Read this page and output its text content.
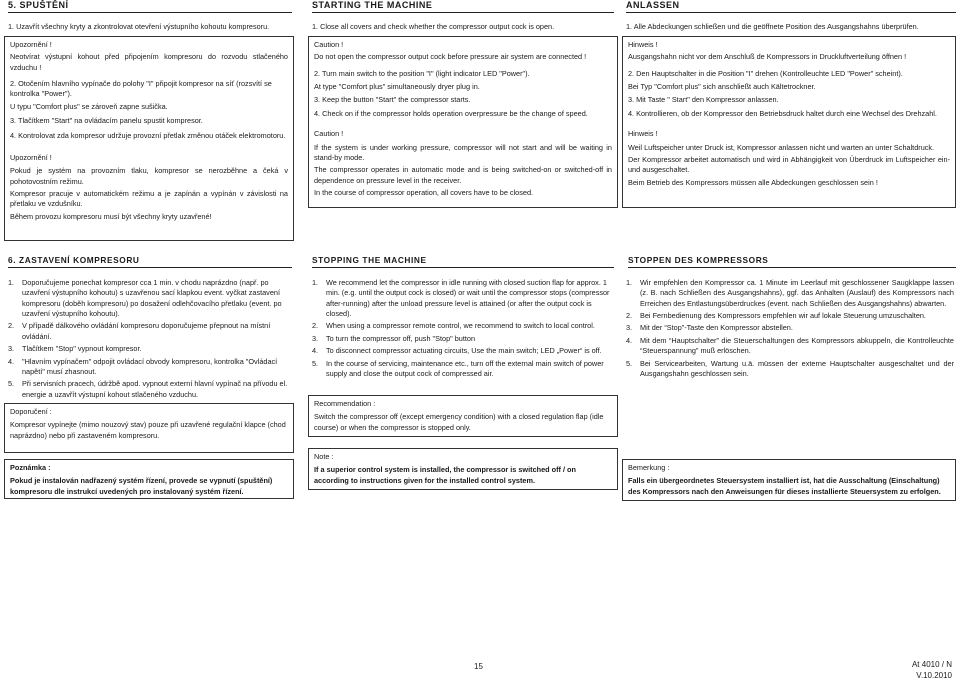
5. SPUŠTĚNÍ	STARTING THE MACHINE	ANLASSEN
1. Uzavřít všechny kryty a zkontrolovat otevření výstupního kohoutu kompresoru.

Upozornění !

Neotvírat výstupní kohout před připojením kompresoru do rozvodu stlačeného vzduchu !

2. Otočením hlavního vypínače do polohy "I" připojit kompresor na síť (rozsvítí se kontrolka "Power").

U typu "Comfort plus" se zároveň zapne sušička.

3. Tlačítkem "Start" na ovládacím panelu spustit kompresor.

4. Kontrolovat zda kompresor udržuje provozní přetlak změnou otáček elektromotoru.

Upozornění !

Pokud je systém na provozním tlaku, kompresor se nerozběhne a čeká v pohotovostním režimu.

Kompresor pracuje v automatickém režimu a je zapínán a vypínán v závislosti na přetlaku ve vzdušníku.

Během provozu kompresoru musí být všechny kryty uzavřené!

1. Close all covers and check whether the compressor output cock is open.

Caution !

Do not open the compressor output cock before pressure air system are connected !

2. Turn main switch to the position "I" (light indicator LED "Power").

At type "Comfort plus" simultaneously dryer plug in.

3. Keep the button "Start" the compressor starts.

4. Check on if the compressor holds operation overpressure be the change of speed.

Caution !

If the system is under working pressure, compressor will not start and will be waiting in stand-by mode.

The compressor operates in automatic mode and is being switched-on or switched-off in dependence on pressure level in the receiver.

In the course of compressor operation, all covers have to be closed.

1. Alle Abdeckungen schließen und die geöffnete Position des Ausgangshahns überprüfen.

Hinweis !

Ausgangshahn nicht vor dem Anschluß de Kompressors in Druckluftverteilung öffnen !

2. Den Hauptschalter in die Position "I" drehen (Kontrolleuchte LED "Power" scheint).

Bei Typ "Comfort plus" sich anschließt auch Kältetrockner.

3. Mit Taste " Start" den Kompressor anlassen.

4. Kontrollieren, ob der Kompressor den Betriebsdruck haltet durch eine Wechsel des Drehzahl.

Hinweis !

Weil Luftspeicher unter Druck ist, Kompressor anlassen nicht und warten an unter Schaltdruck.

Der Kompressor arbeitet automatisch und wird in Abhängigkeit von Überdruck im Luftspeicher ein- und ausgeschaltet.

Beim Betrieb des Kompressors müssen alle Abdeckungen geschlossen sein !

6. ZASTAVENÍ KOMPRESORU	STOPPING THE MACHINE	STOPPEN DES KOMPRESSORS
1.	Doporučujeme ponechat kompresor cca 1 min. v chodu naprázdno (např. po uzavření výstupního kohoutu) s uzavřenou sací klapkou event. vyčkat zastavení kompresoru (doběh kompresoru) po dosažení odlehčovacího přetlaku (event. po uzavření výstupního kohoutu).
2.	V případě dálkového ovládání kompresoru doporučujeme přepnout na místní ovládání.
3.	Tlačítkem "Stop" vypnout kompresor.
4.	"Hlavním vypínačem" odpojit ovládací obvody kompresoru, kontrolka "Ovládací napětí" musí zhasnout.
5.	Při servisních pracech, údržbě apod. vypnout externí hlavní vypínač na přívodu el. energie a uzavřít výstupní kohout stlačeného vzduchu.

Doporučení :

Kompresor vypínejte (mimo nouzový stav) pouze při uzavřené regulační klapce (chod naprázdno) nebo při zastaveném kompresoru.

Poznámka :

Pokud je instalován nadřazený systém řízení, provede se vypnutí (spuštění) kompresoru dle instrukcí uvedených pro instalovaný systém řízení.

1.	We recommend let the compressor in idle running with closed suction flap for approx. 1 min. (e.g. until the output cock is closed) or wait until the compressor stops (compressor after-running) after the unload pressure level is attained (or after the output cock is closed).
2.	When using a compressor remote control, we recommend to switch to local control.
3.	To turn the compressor off, push "Stop" button
4.	To disconnect compressor actuating circuits, Use the main switch; LED „Power“ is off.
5.	In the course of servicing, maintenance etc., turn off the external main switch of power supply and close the output cock of compressed air.

Recommendation :

Switch the compressor off (except emergency condition) with a closed regulation flap (idle course) or when the compressor is stopped only.

Note :

If a superior control system is installed, the compressor is switched off / on according to instructions given for the installed control system.

1.	Wir empfehlen den Kompressor ca. 1 Minute im Leerlauf mit geschlossener Saugklappe lassen (z. B. nach Schließen des Ausgangshahns), ggf. das Anhalten (Auslauf) des Kompressors nach Erreichen des Entlastungsüberdruckes (event. nach Schließen des Ausgangshahns) abwarten.
2.	Bei Fernbedienung des Kompressors empfehlen wir auf lokale Steuerung umzuschalten.
3.	Mit der “Stop”-Taste den Kompressor abstellen.
4.	Mit dem “Hauptschalter” die Steuerschaltungen des Kompressors abkuppeln, die Kontrolleuchte “Steuerspannung” muß erlöschen.
5.	Bei Servicearbeiten, Wartung u.ä. müssen der externe Hauptschalter ausgeschaltet und der Ausgangshahn geschlossen sein.

Bemerkung :

Falls ein übergeordnetes Steuersystem installiert ist, hat die Ausschaltung (Einschaltung) des Kompressors nach den Anweisungen für dieses installierte Steuersystem zu erfolgen.

15	At 4010 / N
V.10.2010
